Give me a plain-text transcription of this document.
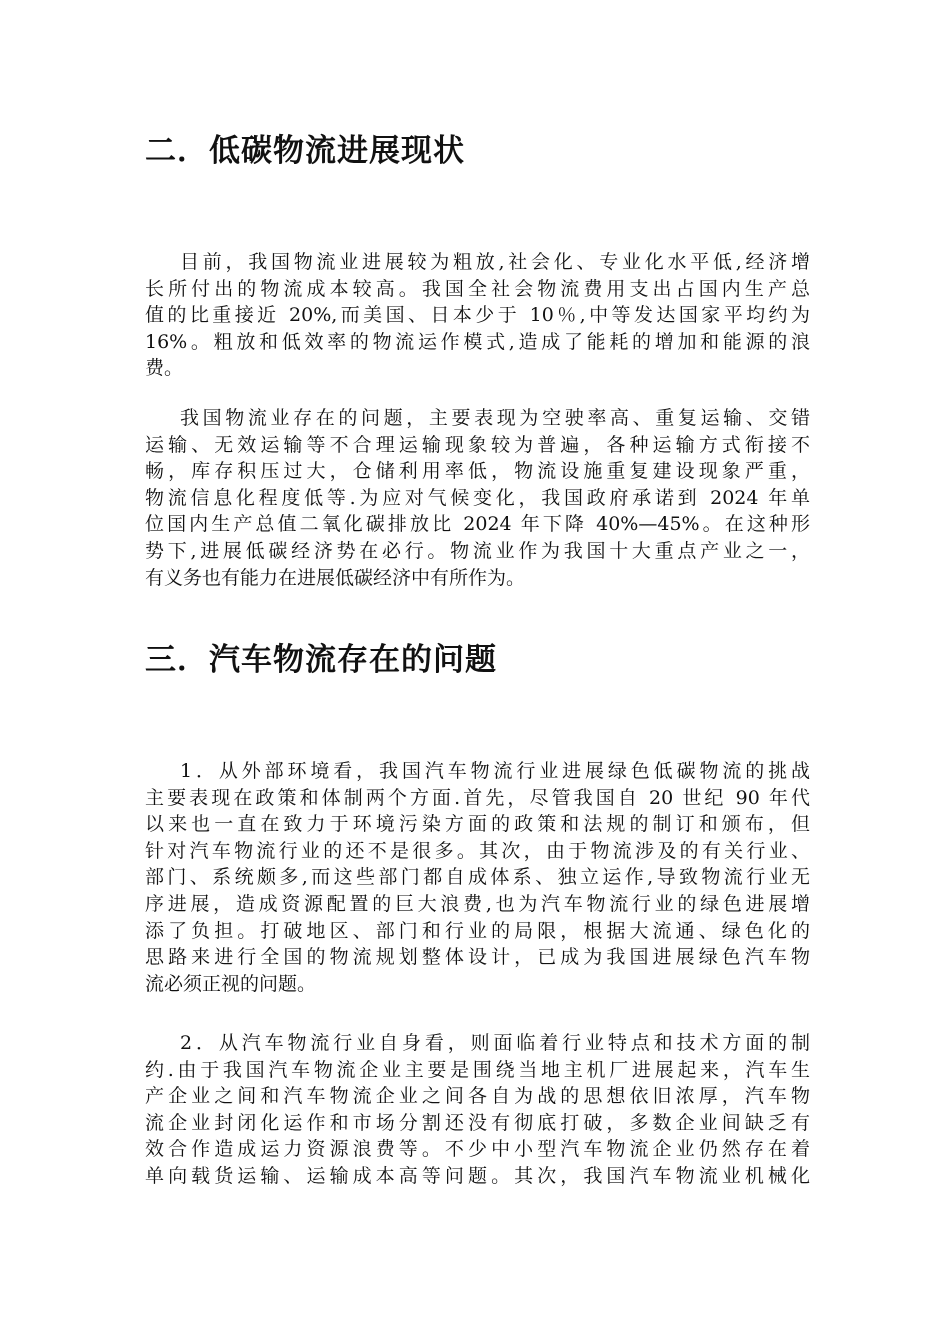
二．低碳物流进展现状
目前，我国物流业进展较为粗放,社会化、专业化水平低,经济增
长所付出的物流成本较高。我国全社会物流费用支出占国内生产总
值的比重接近 20%,而美国、日本少于 10％,中等发达国家平均约为
16%。粗放和低效率的物流运作模式,造成了能耗的增加和能源的浪
费。
我国物流业存在的问题，主要表现为空驶率高、重复运输、交错
运输、无效运输等不合理运输现象较为普遍，各种运输方式衔接不
畅，库存积压过大，仓储利用率低，物流设施重复建设现象严重，
物流信息化程度低等.为应对气候变化，我国政府承诺到 2024 年单
位国内生产总值二氧化碳排放比 2024 年下降 40%—45%。在这种形
势下,进展低碳经济势在必行。物流业作为我国十大重点产业之一，
有义务也有能力在进展低碳经济中有所作为。
三．汽车物流存在的问题
1．从外部环境看，我国汽车物流行业进展绿色低碳物流的挑战
主要表现在政策和体制两个方面.首先，尽管我国自 20 世纪 90 年代
以来也一直在致力于环境污染方面的政策和法规的制订和颁布，但
针对汽车物流行业的还不是很多。其次，由于物流涉及的有关行业、
部门、系统颇多,而这些部门都自成体系、独立运作,导致物流行业无
序进展，造成资源配置的巨大浪费,也为汽车物流行业的绿色进展增
添了负担。打破地区、部门和行业的局限，根据大流通、绿色化的
思路来进行全国的物流规划整体设计，已成为我国进展绿色汽车物
流必须正视的问题。
2．从汽车物流行业自身看，则面临着行业特点和技术方面的制
约.由于我国汽车物流企业主要是围绕当地主机厂进展起来，汽车生
产企业之间和汽车物流企业之间各自为战的思想依旧浓厚，汽车物
流企业封闭化运作和市场分割还没有彻底打破，多数企业间缺乏有
效合作造成运力资源浪费等。不少中小型汽车物流企业仍然存在着
单向载货运输、运输成本高等问题。其次，我国汽车物流业机械化
